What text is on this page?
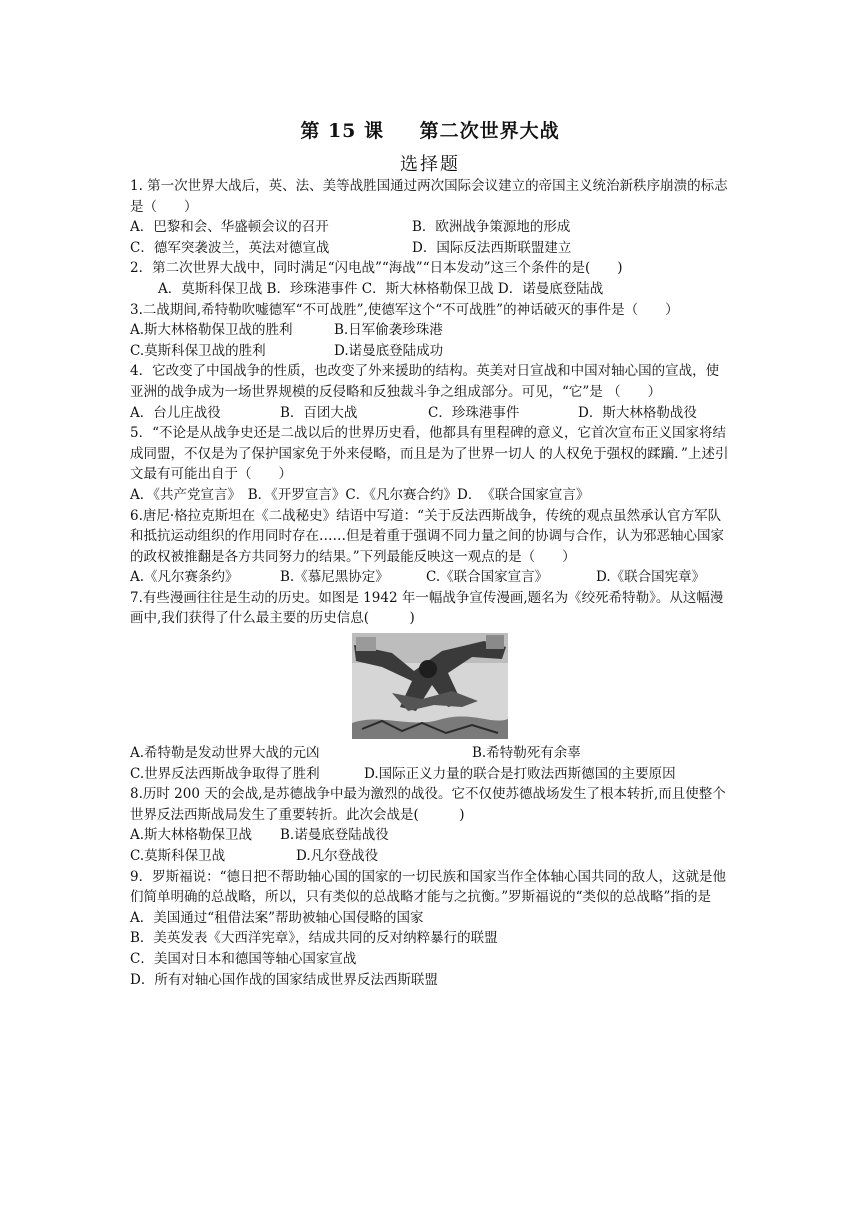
第 15 课 第二次世界大战
选择题

1. 第一次世界大战后，英、法、美等战胜国通过两次国际会议建立的帝国主义统治新秩序崩溃的标志是（　　）

A．巴黎和会、华盛顿会议的召开	B．欧洲战争策源地的形成
C．德军突袭波兰，英法对德宣战	D．国际反法西斯联盟建立

2．第二次世界大战中，同时满足“闪电战”“海战”“日本发动”这三个条件的是(　　)

A．莫斯科保卫战 B．珍珠港事件 C．斯大林格勒保卫战 D．诺曼底登陆战

3.二战期间,希特勒吹嘘德军“不可战胜”,使德军这个“不可战胜”的神话破灭的事件是（　　）

A.斯大林格勒保卫战的胜利	B.日军偷袭珍珠港
C.莫斯科保卫战的胜利	D.诺曼底登陆成功

4．它改变了中国战争的性质，也改变了外来援助的结构。英美对日宣战和中国对轴心国的宣战，使亚洲的战争成为一场世界规模的反侵略和反独裁斗争之组成部分。可见，“它”是 （　　）

A．台儿庄战役	B．百团大战	C．珍珠港事件	D．斯大林格勒战役

5．“不论是从战争史还是二战以后的世界历史看，他都具有里程碑的意义，它首次宣布正义国家将结成同盟，不仅是为了保护国家免于外来侵略，而且是为了世界一切人 的人权免于强权的蹂躏．”上述引文最有可能出自于（　　）

A．《共产党宣言》　B．《开罗宣言》C．《凡尔赛合约》D．　《联合国家宣言》

6.唐尼·格拉克斯坦在《二战秘史》结语中写道：“关于反法西斯战争，传统的观点虽然承认官方军队和抵抗运动组织的作用同时存在……但是着重于强调不同力量之间的协调与合作，认为邪恶轴心国家的政权被推翻是各方共同努力的结果。”下列最能反映这一观点的是（　　）

A.《凡尔赛条约》	B.《慕尼黑协定》	C.《联合国家宣言》	D.《联合国宪章》

7.有些漫画往往是生动的历史。如图是 1942 年一幅战争宣传漫画,题名为《绞死希特勒》。从这幅漫画中,我们获得了什么最主要的历史信息(　　　)

A.希特勒是发动世界大战的元凶	B.希特勒死有余辜
C.世界反法西斯战争取得了胜利	D.国际正义力量的联合是打败法西斯德国的主要原因

8.历时 200 天的会战,是苏德战争中最为激烈的战役。它不仅使苏德战场发生了根本转折,而且使整个世界反法西斯战局发生了重要转折。此次会战是(　　　)

A.斯大林格勒保卫战	B.诺曼底登陆战役
C.莫斯科保卫战	D.凡尔登战役

9．罗斯福说：“德日把不帮助轴心国的国家的一切民族和国家当作全体轴心国共同的敌人，这就是他们简单明确的总战略，所以，只有类似的总战略才能与之抗衡。”罗斯福说的“类似的总战略”指的是

A．美国通过“租借法案”帮助被轴心国侵略的国家

B．美英发表《大西洋宪章》，结成共同的反对纳粹暴行的联盟

C．美国对日本和德国等轴心国家宣战

D．所有对轴心国作战的国家结成世界反法西斯联盟
